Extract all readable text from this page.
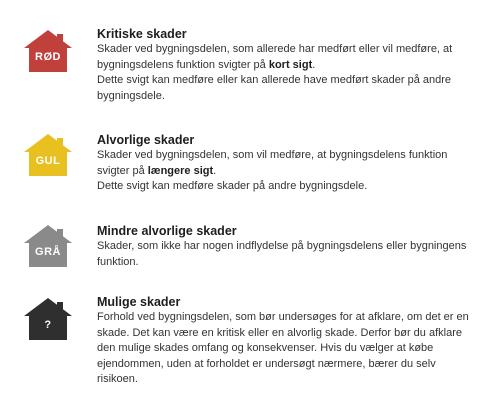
RØD

Kritiske skader

Skader ved bygningsdelen, som allerede har medført eller vil medføre, at bygningsdelens funktion svigter på kort sigt.
Dette svigt kan medføre eller kan allerede have medført skader på andre bygningsdele.

GUL

Alvorlige skader

Skader ved bygningsdelen, som vil medføre, at bygningsdelens funktion svigter på længere sigt.
Dette svigt kan medføre skader på andre bygningsdele.

GRÅ

Mindre alvorlige skader

Skader, som ikke har nogen indflydelse på bygningsdelens eller bygningens funktion.

?

Mulige skader

Forhold ved bygningsdelen, som bør undersøges for at afklare, om det er en skade. Det kan være en kritisk eller en alvorlig skade. Derfor bør du afklare den mulige skades omfang og konsekvenser. Hvis du vælger at købe ejendommen, uden at forholdet er undersøgt nærmere, bærer du selv risikoen.
